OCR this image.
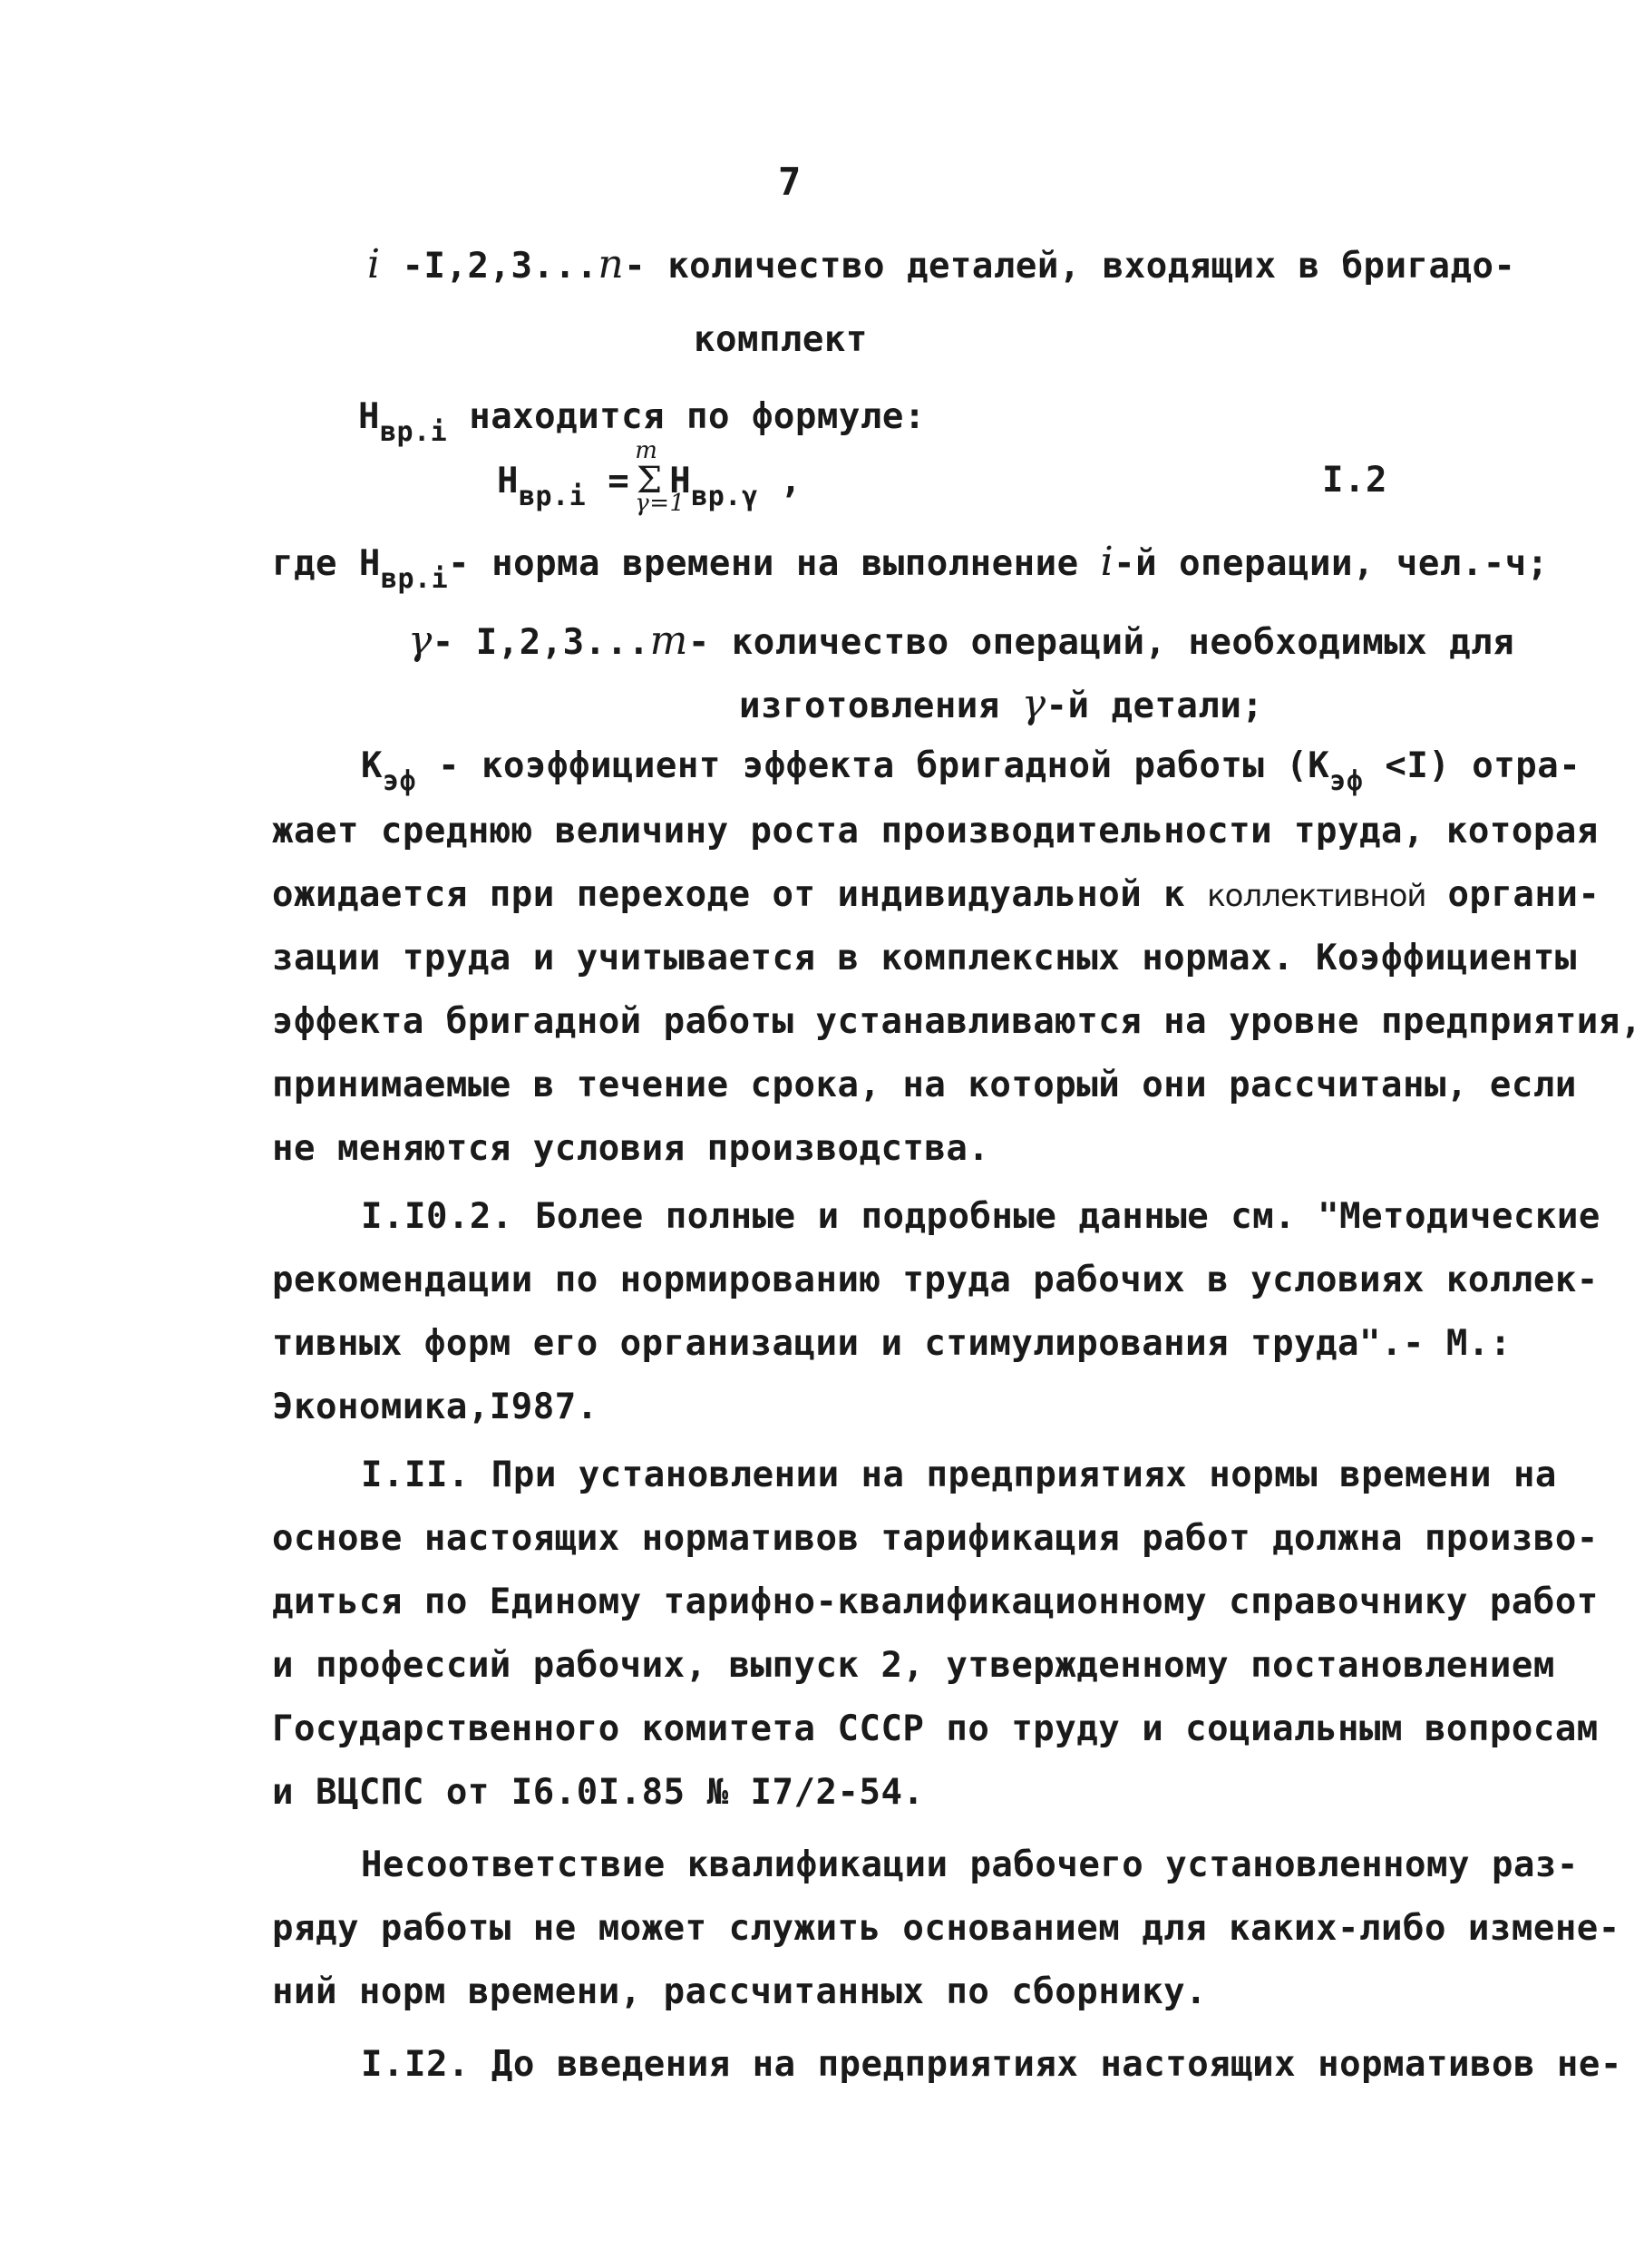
7
i -I,2,3...n- количество деталей, входящих в бригадо-
комплект
$Н_{вр.i}$ находится по формуле:
$Н_{вр.i}$ =
m
Σ
γ=1
$Н_{вр.\gamma}$ ,	I.2
где $Н_{вр.i}-$ норма времени на выполнение i-й операции, чел.-ч;
γ- I,2,3...m- количество операций, необходимых для
изготовления γ-й детали;
$К_{эф}$ - коэффициент эффекта бригадной работы $(К_{эф} <I)$ отра-
жает среднюю величину роста производительности труда, которая
ожидается при переходе от индивидуальной к коллективной органи-
зации труда и учитывается в комплексных нормах. Коэффициенты
эффекта бригадной работы устанавливаются на уровне предприятия,
принимаемые в течение срока, на который они рассчитаны, если
не меняются условия производства.
I.I0.2. Более полные и подробные данные см. "Методические
рекомендации по нормированию труда рабочих в условиях коллек-
тивных форм его организации и стимулирования труда".- М.:
Экономика,I987.
I.II. При установлении на предприятиях нормы времени на
основе настоящих нормативов тарификация работ должна произво-
диться по Единому тарифно-квалификационному справочнику работ
и профессий рабочих, выпуск 2, утвержденному постановлением
Государственного комитета СССР по труду и социальным вопросам
и ВЦСПС от I6.0I.85 № I7/2-54.
Несоответствие квалификации рабочего установленному раз-
ряду работы не может служить основанием для каких-либо измене-
ний норм времени, рассчитанных по сборнику.
I.I2. До введения на предприятиях настоящих нормативов не-
